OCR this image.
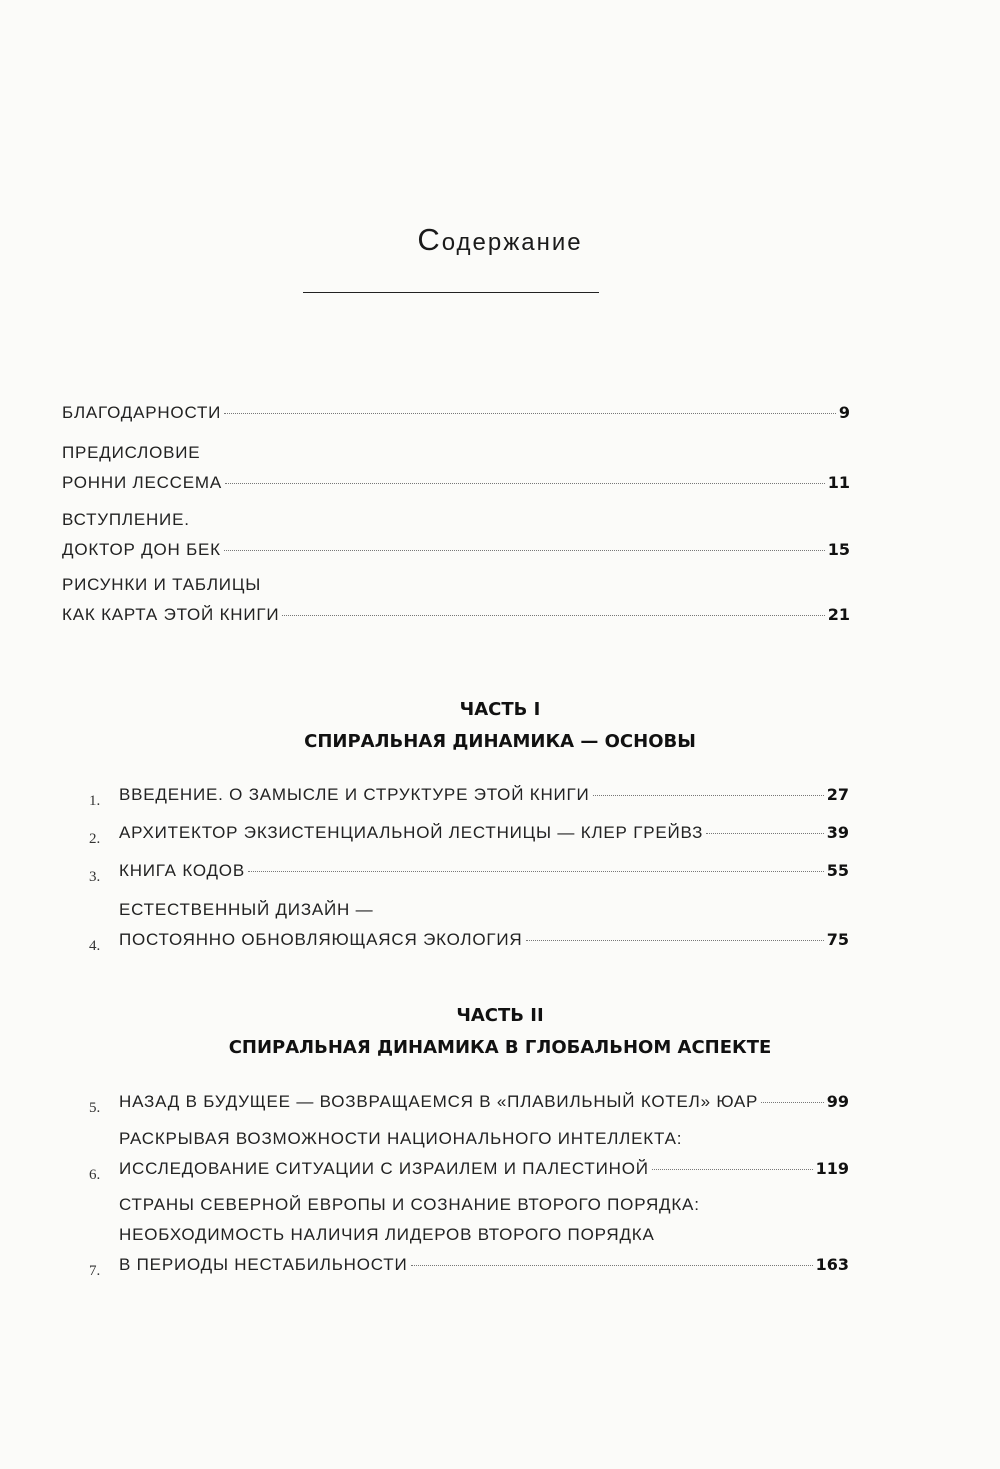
Содержание
БЛАГОДАРНОСТИ	9
ПРЕДИСЛОВИЕ
РОННИ ЛЕССЕМА	11
ВСТУПЛЕНИЕ.
ДОКТОР ДОН БЕК	15
РИСУНКИ И ТАБЛИЦЫ
КАК КАРТА ЭТОЙ КНИГИ	21
ЧАСТЬ I
СПИРАЛЬНАЯ ДИНАМИКА — ОСНОВЫ
1.	ВВЕДЕНИЕ. О ЗАМЫСЛЕ И СТРУКТУРЕ ЭТОЙ КНИГИ	27
2.	АРХИТЕКТОР ЭКЗИСТЕНЦИАЛЬНОЙ ЛЕСТНИЦЫ — КЛЕР ГРЕЙВЗ	39
3.	КНИГА КОДОВ	55
4.
ЕСТЕСТВЕННЫЙ ДИЗАЙН —
ПОСТОЯННО ОБНОВЛЯЮЩАЯСЯ ЭКОЛОГИЯ	75
ЧАСТЬ II
СПИРАЛЬНАЯ ДИНАМИКА В ГЛОБАЛЬНОМ АСПЕКТЕ
5.	НАЗАД В БУДУЩЕЕ — ВОЗВРАЩАЕМСЯ В «ПЛАВИЛЬНЫЙ КОТЕЛ» ЮАР	99
6.
РАСКРЫВАЯ ВОЗМОЖНОСТИ НАЦИОНАЛЬНОГО ИНТЕЛЛЕКТА:
ИССЛЕДОВАНИЕ СИТУАЦИИ С ИЗРАИЛЕМ И ПАЛЕСТИНОЙ	119
7.
СТРАНЫ СЕВЕРНОЙ ЕВРОПЫ И СОЗНАНИЕ ВТОРОГО ПОРЯДКА:
НЕОБХОДИМОСТЬ НАЛИЧИЯ ЛИДЕРОВ ВТОРОГО ПОРЯДКА
В ПЕРИОДЫ НЕСТАБИЛЬНОСТИ	163
